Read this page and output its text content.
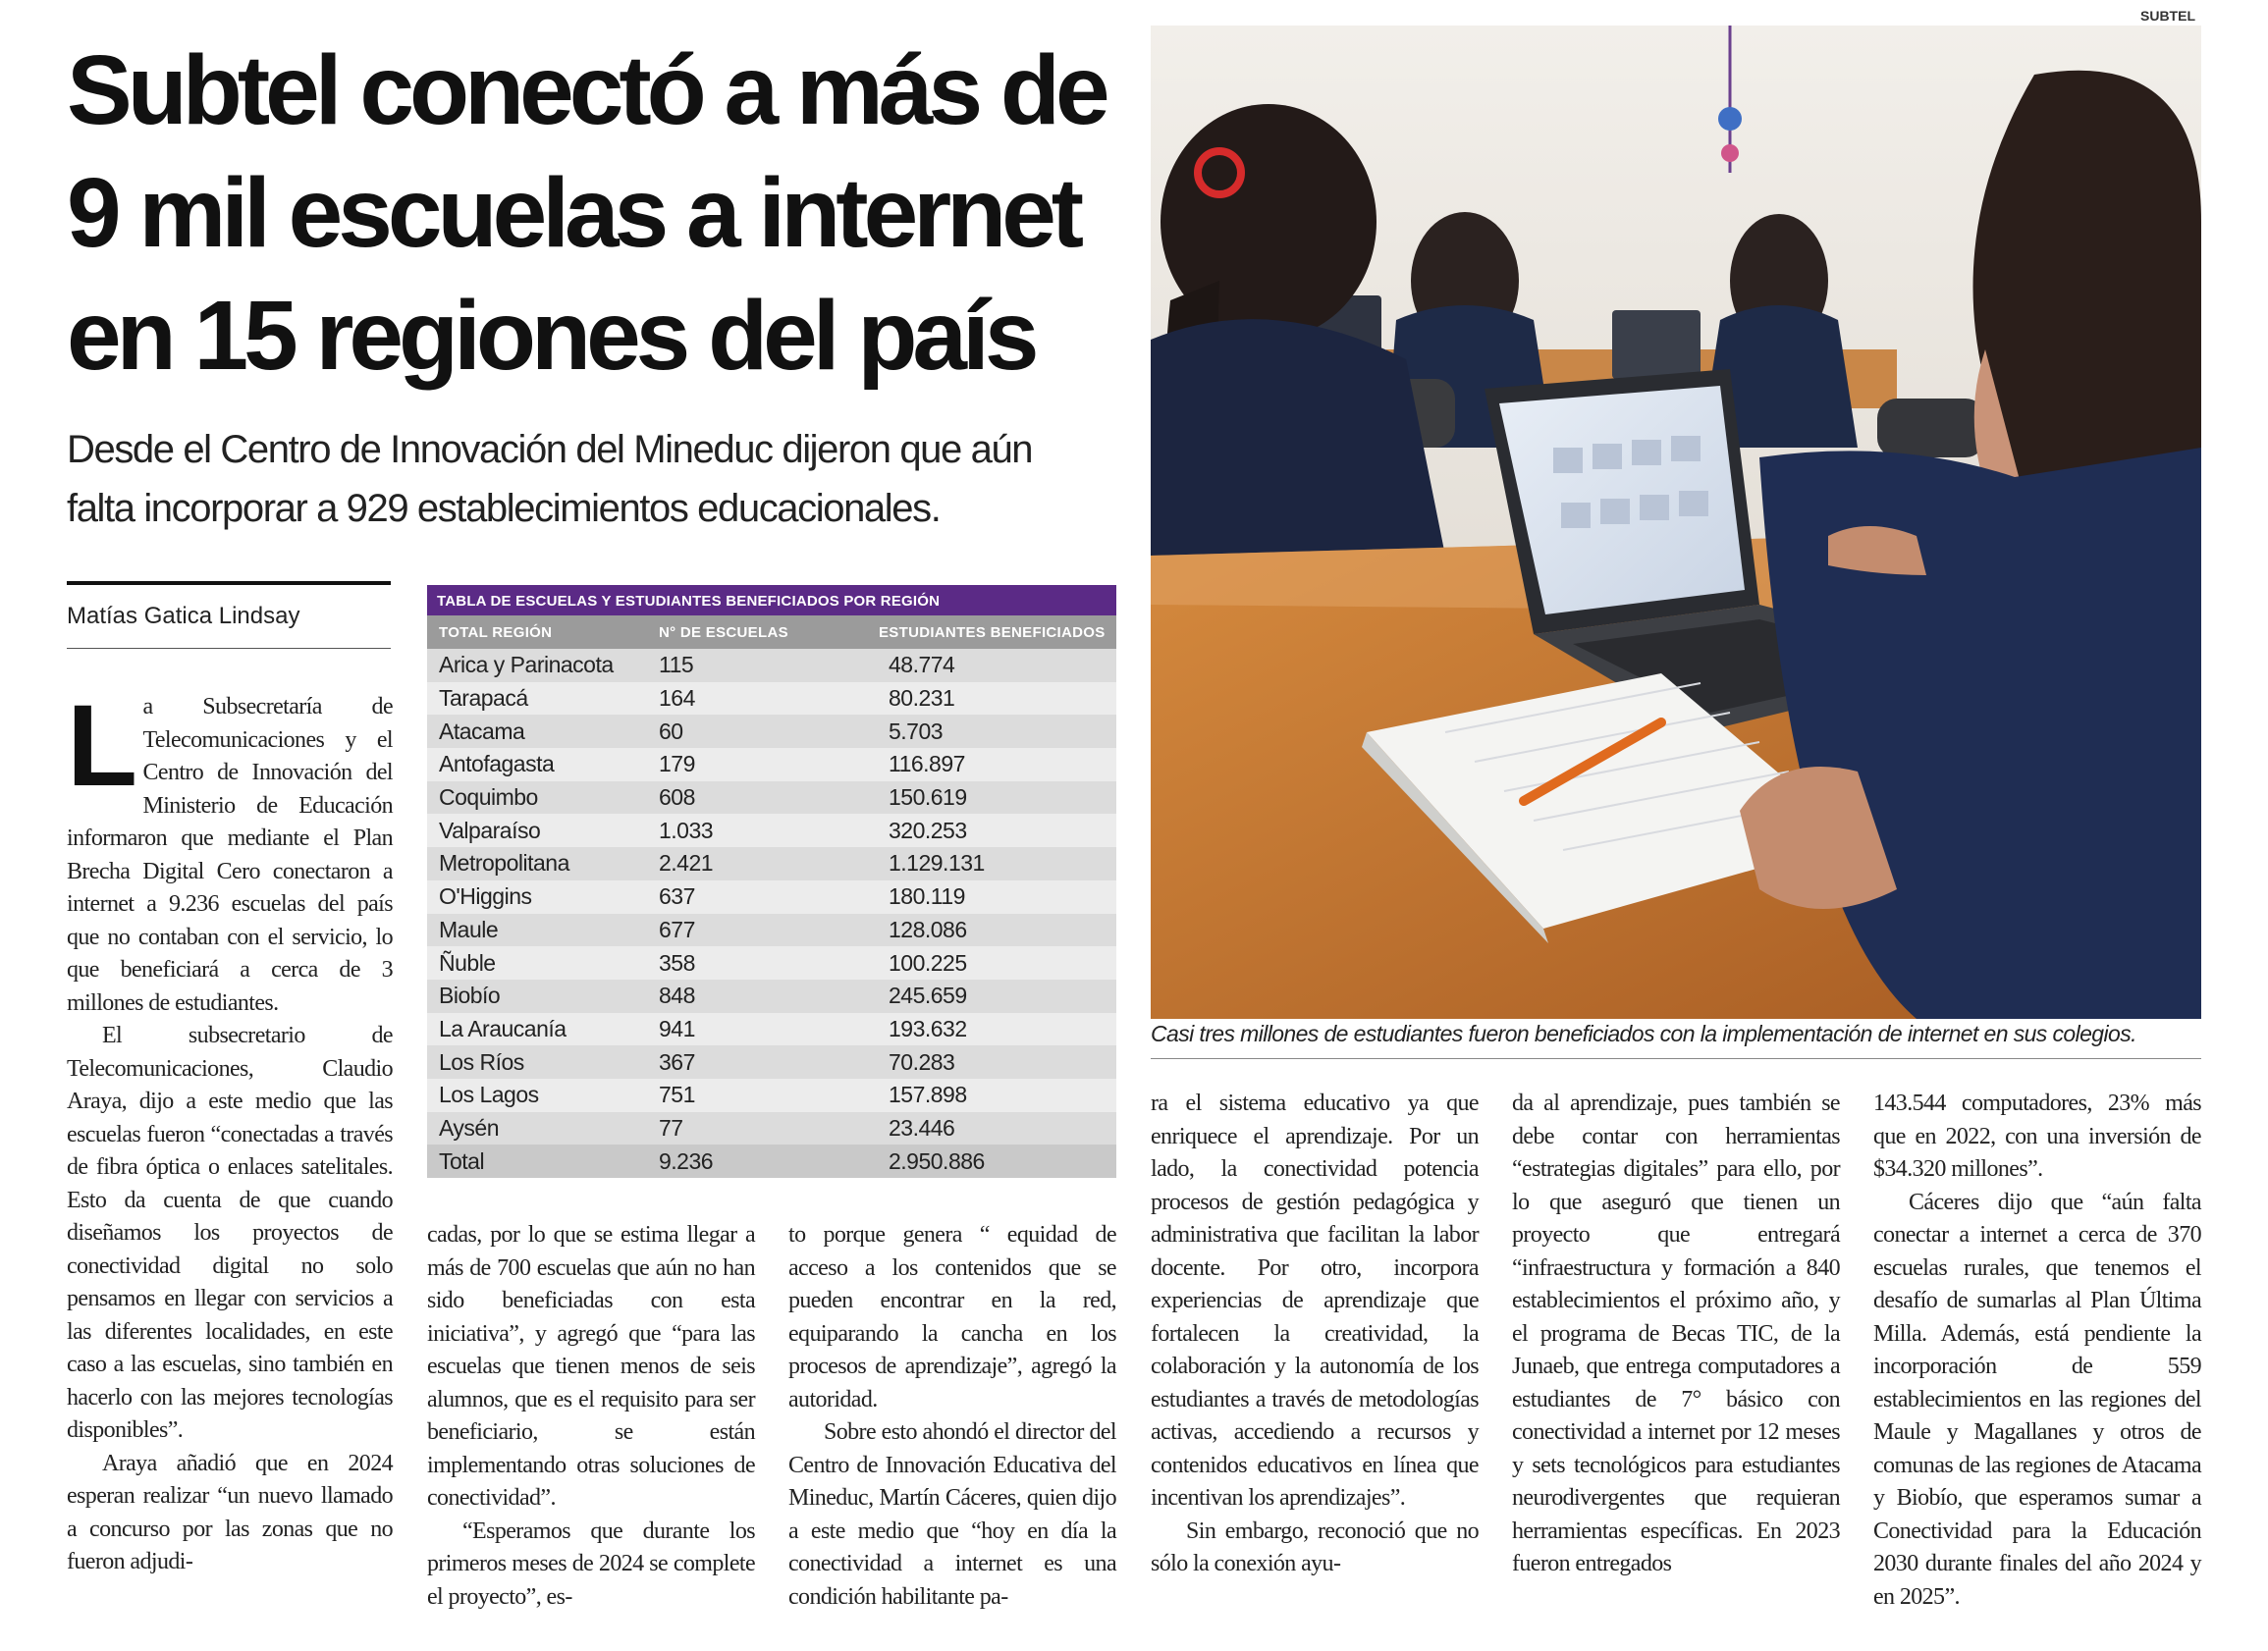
Subtel conectó a más de
9 mil escuelas a internet
en 15 regiones del país

Desde el Centro de Innovación del Mineduc dijeron que aún
falta incorporar a 929 establecimientos educacionales.

Matías Gatica Lindsay

La Subsecretaría de Telecomunicaciones y el Centro de Innovación del Ministerio de Educación informaron que mediante el Plan Brecha Digital Cero conectaron a internet a 9.236 escuelas del país que no contaban con el servicio, lo que beneficiará a cerca de 3 millones de estudiantes.

El subsecretario de Telecomunicaciones, Claudio Araya, dijo a este medio que las escuelas fueron “conectadas a través de fibra óptica o enlaces satelitales. Esto da cuenta de que cuando diseñamos los proyectos de conectividad digital no solo pensamos en llegar con servicios a las diferentes localidades, en este caso a las escuelas, sino también en hacerlo con las mejores tecnologías disponibles”.

Araya añadió que en 2024 esperan realizar “un nuevo llamado a concurso por las zonas que no fueron adjudi-

TABLA DE ESCUELAS Y ESTUDIANTES BENEFICIADOS POR REGIÓN
TOTAL REGIÓN	N° DE ESCUELAS	ESTUDIANTES BENEFICIADOS
Arica y Parinacota	115	48.774
Tarapacá	164	80.231
Atacama	60	5.703
Antofagasta	179	116.897
Coquimbo	608	150.619
Valparaíso	1.033	320.253
Metropolitana	2.421	1.129.131
O'Higgins	637	180.119
Maule	677	128.086
Ñuble	358	100.225
Biobío	848	245.659
La Araucanía	941	193.632
Los Ríos	367	70.283
Los Lagos	751	157.898
Aysén	77	23.446
Total	9.236	2.950.886

cadas, por lo que se estima llegar a más de 700 escuelas que aún no han sido beneficiadas con esta iniciativa”, y agregó que “para las escuelas que tienen menos de seis alumnos, que es el requisito para ser beneficiario, se están implementando otras soluciones de conectividad”.

“Esperamos que durante los primeros meses de 2024 se complete el proyecto”, es-

to porque genera “ equidad de acceso a los contenidos que se pueden encontrar en la red, equiparando la cancha en los procesos de aprendizaje”, agregó la autoridad.

Sobre esto ahondó el director del Centro de Innovación Educativa del Mineduc, Martín Cáceres, quien dijo a este medio que “hoy en día la conectividad a internet es una condición habilitante pa-

SUBTEL
Casi tres millones de estudiantes fueron beneficiados con la implementación de internet en sus colegios.

ra el sistema educativo ya que enriquece el aprendizaje. Por un lado, la conectividad potencia procesos de gestión pedagógica y administrativa que facilitan la labor docente. Por otro, incorpora experiencias de aprendizaje que fortalecen la creatividad, la colaboración y la autonomía de los estudiantes a través de metodologías activas, accediendo a recursos y contenidos educativos en línea que incentivan los aprendizajes”.

Sin embargo, reconoció que no sólo la conexión ayu-

da al aprendizaje, pues también se debe contar con herramientas “estrategias digitales” para ello, por lo que aseguró que tienen un proyecto que entregará “infraestructura y formación a 840 establecimientos el próximo año, y el programa de Becas TIC, de la Junaeb, que entrega computadores a estudiantes de 7° básico con conectividad a internet por 12 meses y sets tecnológicos para estudiantes neurodivergentes que requieran herramientas específicas. En 2023 fueron entregados

143.544 computadores, 23% más que en 2022, con una inversión de $34.320 millones”.

Cáceres dijo que “aún falta conectar a internet a cerca de 370 escuelas rurales, que tenemos el desafío de sumarlas al Plan Última Milla. Además, está pendiente la incorporación de 559 establecimientos en las regiones del Maule y Magallanes y otros de comunas de las regiones de Atacama y Biobío, que esperamos sumar a Conectividad para la Educación 2030 durante finales del año 2024 y en 2025”.
